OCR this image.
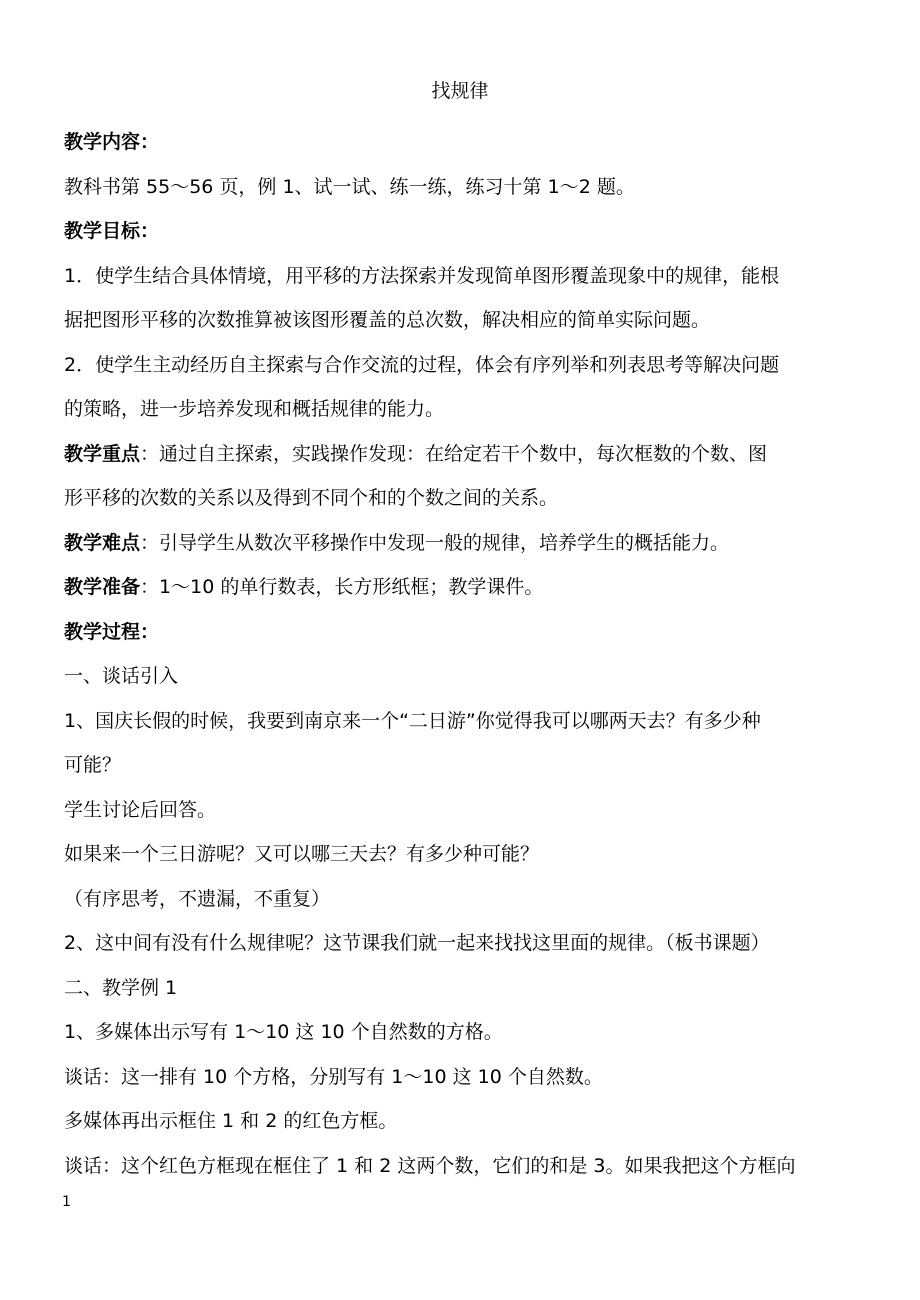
找规律

教学内容：

教科书第 55～56 页，例 1、试一试、练一练，练习十第 1～2 题。

教学目标：

1．使学生结合具体情境，用平移的方法探索并发现简单图形覆盖现象中的规律，能根

据把图形平移的次数推算被该图形覆盖的总次数，解决相应的简单实际问题。

2．使学生主动经历自主探索与合作交流的过程，体会有序列举和列表思考等解决问题

的策略，进一步培养发现和概括规律的能力。

教学重点：通过自主探索，实践操作发现：在给定若干个数中，每次框数的个数、图

形平移的次数的关系以及得到不同个和的个数之间的关系。

教学难点：引导学生从数次平移操作中发现一般的规律，培养学生的概括能力。

教学准备：1～10 的单行数表，长方形纸框；教学课件。

教学过程：

一、谈话引入

1、国庆长假的时候，我要到南京来一个“二日游”你觉得我可以哪两天去？有多少种

可能？

学生讨论后回答。

如果来一个三日游呢？又可以哪三天去？有多少种可能？

（有序思考，不遗漏，不重复）

2、这中间有没有什么规律呢？这节课我们就一起来找找这里面的规律。（板书课题）

二、教学例 1

1、多媒体出示写有 1～10 这 10 个自然数的方格。

谈话：这一排有 10 个方格，分别写有 1～10 这 10 个自然数。

多媒体再出示框住 1 和 2 的红色方框。

谈话：这个红色方框现在框住了 1 和 2 这两个数，它们的和是 3。如果我把这个方框向

1
